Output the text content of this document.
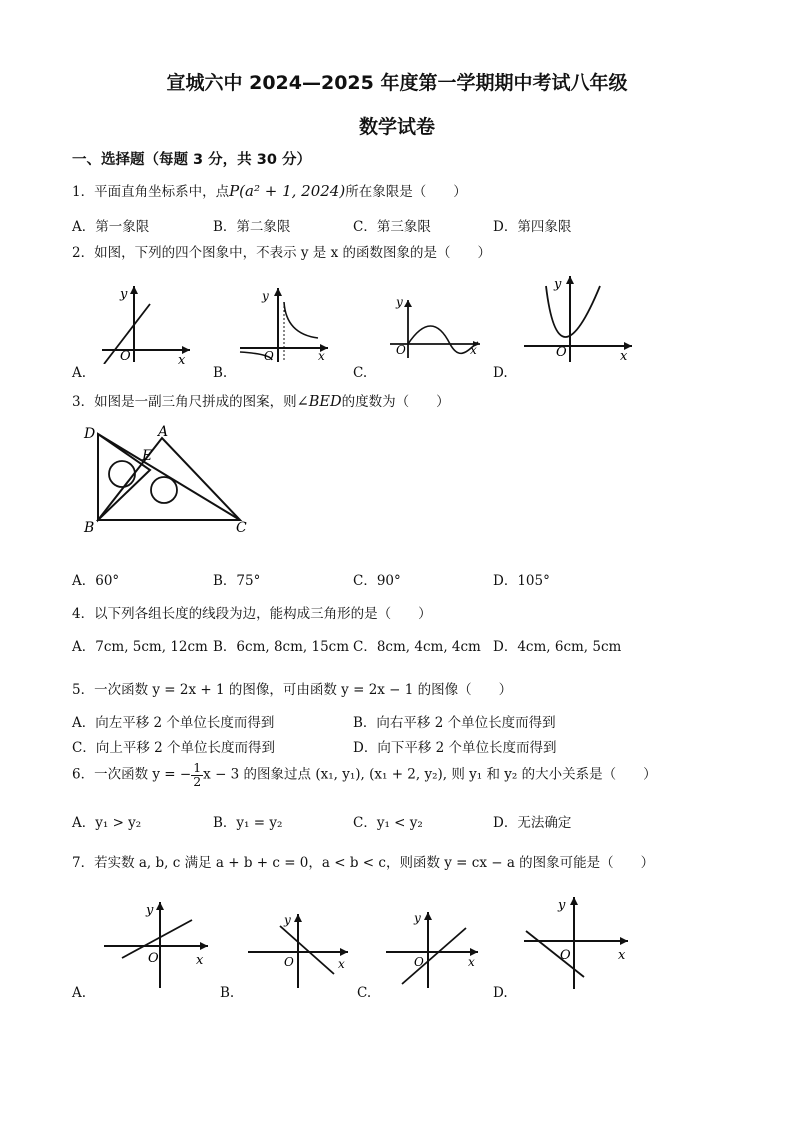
宣城六中 2024—2025 年度第一学期期中考试八年级
数学试卷
一、选择题（每题 3 分，共 30 分）
1．平面直角坐标系中，点P(a² + 1, 2024)所在象限是（　　）
A．第一象限	B．第二象限	C．第三象限	D．第四象限
2．如图，下列的四个图象中，不表示 y 是 x 的函数图象的是（　　）
y
O	x
A.
y
O	x
B.
y
O	x
C.
y
O	x
D.
3．如图是一副三角尺拼成的图案，则∠BED的度数为（　　）
D	A
E
B	C
A．60°	B．75°	C．90°	D．105°
4．以下列各组长度的线段为边，能构成三角形的是（　　）
A．7cm, 5cm, 12cm B．6cm, 8cm, 15cm C．8cm, 4cm, 4cm D．4cm, 6cm, 5cm
5．一次函数 y = 2x + 1 的图像，可由函数 y = 2x − 1 的图像（　　）
A．向左平移 2 个单位长度而得到	B．向右平移 2 个单位长度而得到
C．向上平移 2 个单位长度而得到	D．向下平移 2 个单位长度而得到
6．一次函数 y = − $\frac{1}{2}$ x − 3 的图象过点 (x₁, y₁), (x₁ + 2, y₂), 则 y₁ 和 y₂ 的大小关系是（　　）
A．y₁ > y₂	B．y₁ = y₂	C．y₁ < y₂	D．无法确定
7．若实数 a, b, c 满足 a + b + c = 0，a < b < c，则函数 y = cx − a 的图象可能是（　　）
y
O	x
A.
y
O	x
B.
y
O	x
C.
y
O	x
D.
